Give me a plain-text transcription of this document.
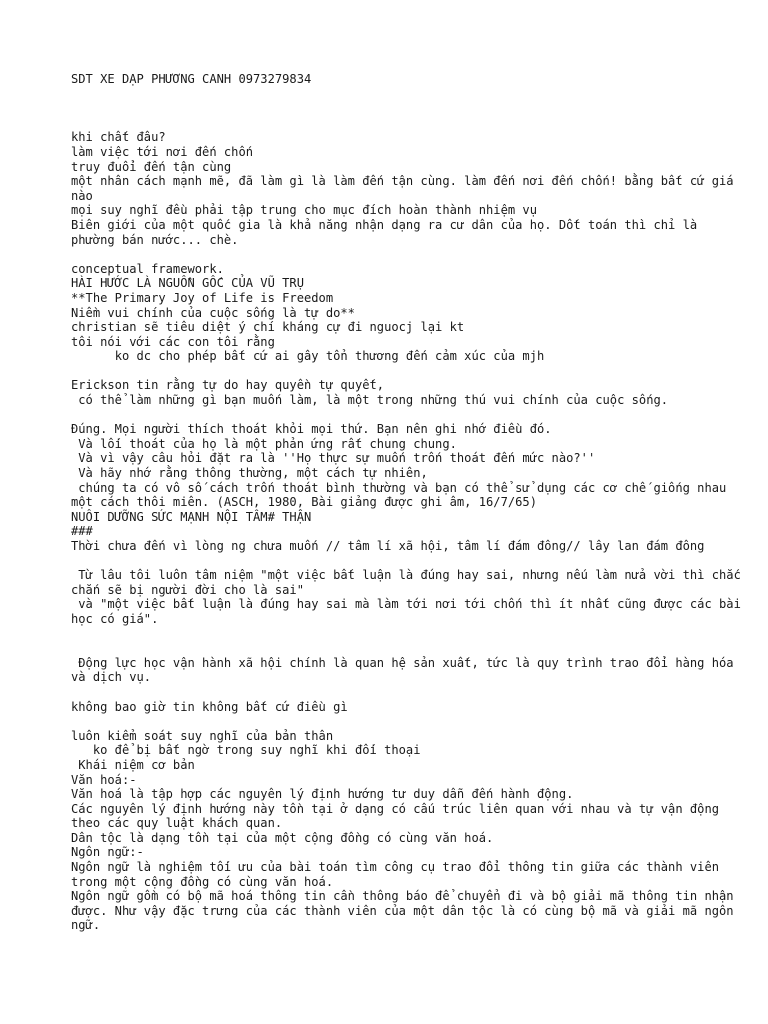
SDT XE DẠP PHƯƠNG CANH 0973279834
khi chất đâu?
làm việc tới nơi đến chốn
truy đuổi đến tận cùng
một nhân cách mạnh mẽ, đã làm gì là làm đến tận cùng. làm đến nơi đến chốn! bằng bất cứ giá nào
mọi suy nghĩ đều phải tập trung cho mục đích hoàn thành nhiệm vụ
Biên giới của một quốc gia là khả năng nhận dạng ra cư dân của họ. Dốt toán thì chỉ là phường bán nước... chè.
conceptual framework.
HÀI HƯỚC LÀ NGUỒN GỐC CỦA VŨ TRỤ
**The Primary Joy of Life is Freedom
Niềm vui chính của cuộc sống là tự do**
christian sẽ tiêu diệt ý chí kháng cự đi nguocj lại kt
tôi nói với các con tôi rằng
ko dc cho phép bất cứ ai gây tổn thương đến cảm xúc của mjh
Erickson tin rằng tự do hay quyền tự quyết,
có thể làm những gì bạn muốn làm, là một trong những thú vui chính của cuộc sống.
Đúng. Mọi người thích thoát khỏi mọi thứ. Bạn nên ghi nhớ điều đó.
Và lối thoát của họ là một phản ứng rất chung chung.
Và vì vậy câu hỏi đặt ra là ''Họ thực sự muốn trốn thoát đến mức nào?''
Và hãy nhớ rằng thông thường, một cách tự nhiên,
chúng ta có vô số cách trốn thoát bình thường và bạn có thể sử dụng các cơ chế giống nhau một cách thôi miên. (ASCH, 1980, Bài giảng được ghi âm, 16/7/65)
NUÔI DƯỠNG SỨC MẠNH NỘI TÂM# THẬN
###
Thời chưa đến vì lòng ng chưa muốn // tâm lí xã hội, tâm lí đám đông// lây lan đám đông
Từ lâu tôi luôn tâm niệm "một việc bất luận là đúng hay sai, nhưng nếu làm nửa vời thì chắc chắn sẽ bị người đời cho là sai"
và "một việc bất luận là đúng hay sai mà làm tới nơi tới chốn thì ít nhất cũng được các bài học có giá".
Động lực học vận hành xã hội chính là quan hệ sản xuất, tức là quy trình trao đổi hàng hóa và dịch vụ.
không bao giờ tin không bất cứ điều gì
luôn kiểm soát suy nghĩ của bản thân
ko để bị bất ngờ trong suy nghĩ khi đối thoại
Khái niệm cơ bản
Văn hoá:-
Văn hoá là tập hợp các nguyên lý định hướng tư duy dẫn đến hành động.
Các nguyên lý định hướng này tồn tại ở dạng có cấu trúc liên quan với nhau và tự vận động theo các quy luật khách quan.
Dân tộc là dạng tồn tại của một cộng đồng có cùng văn hoá.
Ngôn ngữ:-
Ngôn ngữ là nghiệm tối ưu của bài toán tìm công cụ trao đổi thông tin giữa các thành viên trong một cộng đồng có cùng văn hoá.
Ngôn ngữ gồm có bộ mã hoá thông tin cần thông báo để chuyển đi và bộ giải mã thông tin nhận được. Như vậy đặc trưng của các thành viên của một dân tộc là có cùng bộ mã và giải mã ngôn ngữ.
